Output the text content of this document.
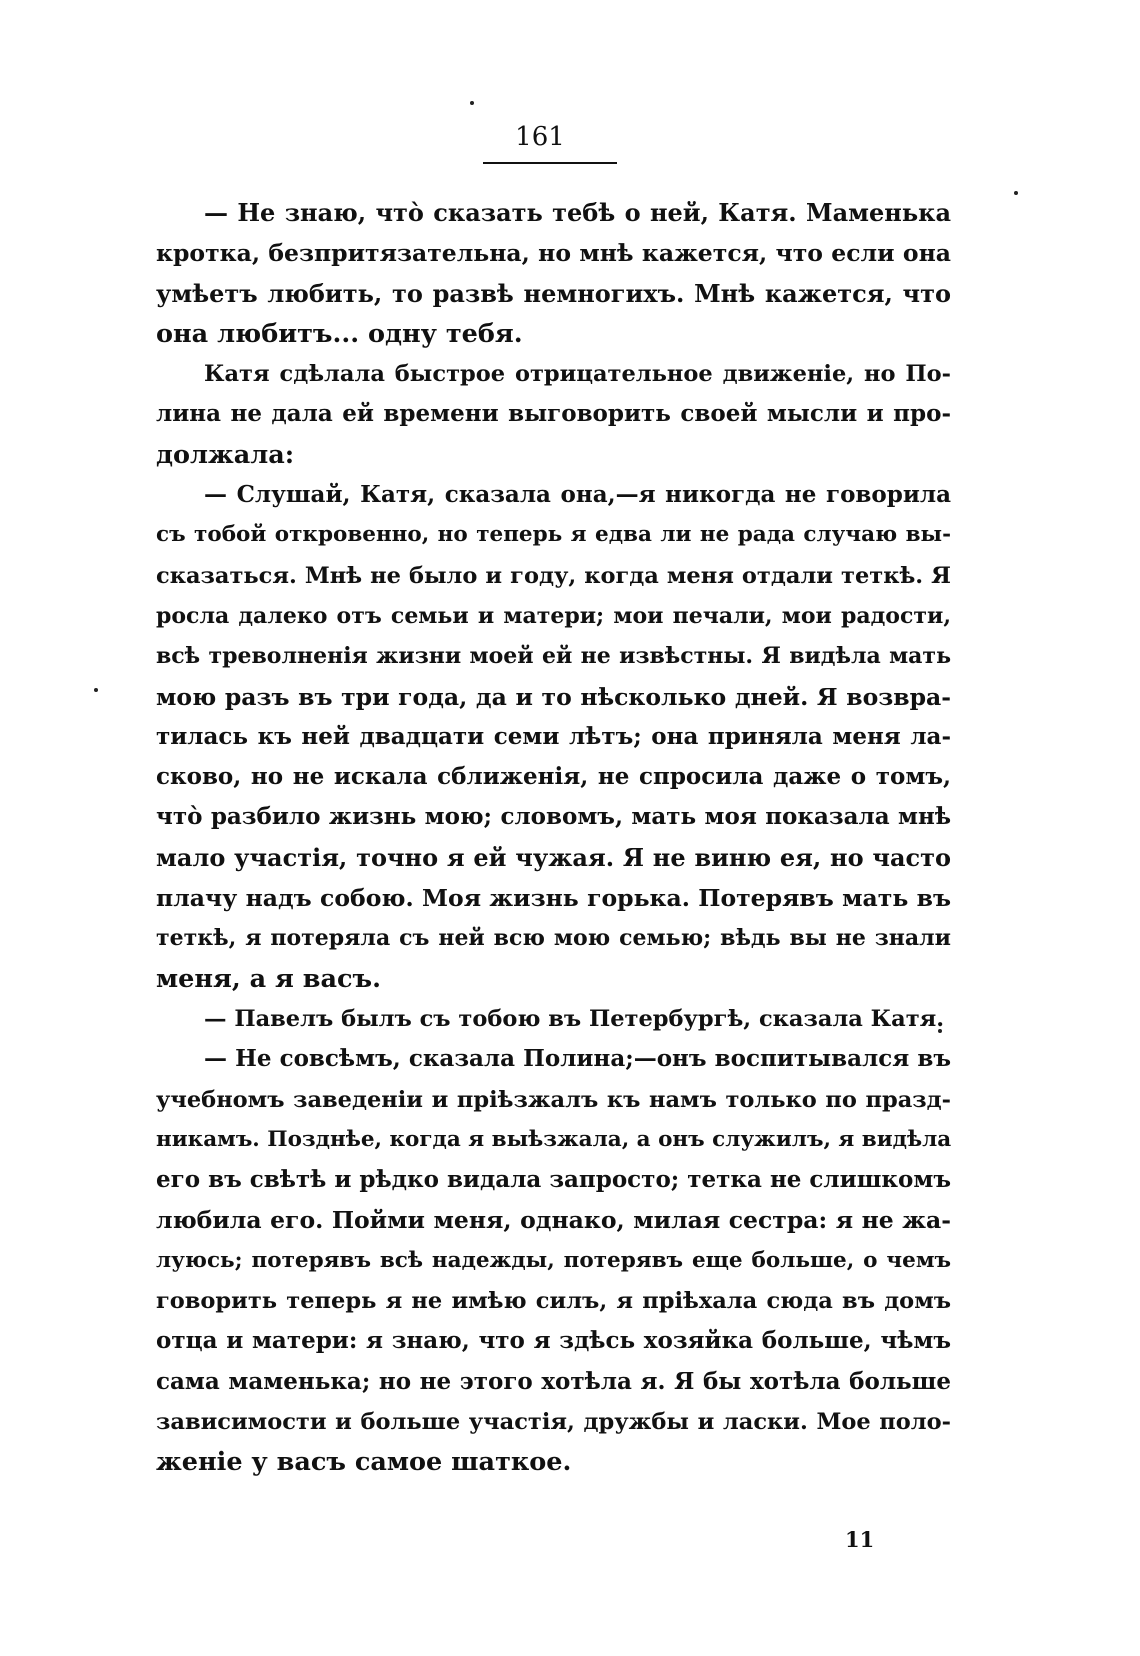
161
— Не знаю, чтò сказать тебѣ о ней, Катя. Маменька
кротка, безпритязательна, но мнѣ кажется, что если она
умѣетъ любить, то развѣ немногихъ. Мнѣ кажется, что
она любитъ... одну тебя.
Катя сдѣлала быстрое отрицательное движеніе, но По-
лина не дала ей времени выговорить своей мысли и про-
должала:
— Слушай, Катя, сказала она,—я никогда не говорила
съ тобой откровенно, но теперь я едва ли не рада случаю вы-
сказаться. Мнѣ не было и году, когда меня отдали теткѣ. Я
росла далеко отъ семьи и матери; мои печали, мои радости,
всѣ треволненія жизни моей ей не извѣстны. Я видѣла мать
мою разъ въ три года, да и то нѣсколько дней. Я возвра-
тилась къ ней двадцати семи лѣтъ; она приняла меня ла-
сково, но не искала сближенія, не спросила даже о томъ,
чтò разбило жизнь мою; словомъ, мать моя показала мнѣ
мало участія, точно я ей чужая. Я не виню ея, но часто
плачу надъ собою. Моя жизнь горька. Потерявъ мать въ
теткѣ, я потеряла съ ней всю мою семью; вѣдь вы не знали
меня, а я васъ.
— Павелъ былъ съ тобою въ Петербургѣ, сказала Катя.
— Не совсѣмъ, сказала Полина;—онъ воспитывался въ
учебномъ заведеніи и пріѣзжалъ къ намъ только по празд-
никамъ. Позднѣе, когда я выѣзжала, а онъ служилъ, я видѣла
его въ свѣтѣ и рѣдко видала запросто; тетка не слишкомъ
любила его. Пойми меня, однако, милая сестра: я не жа-
луюсь; потерявъ всѣ надежды, потерявъ еще больше, о чемъ
говорить теперь я не имѣю силъ, я пріѣхала сюда въ домъ
отца и матери: я знаю, что я здѣсь хозяйка больше, чѣмъ
сама маменька; но не этого хотѣла я. Я бы хотѣла больше
зависимости и больше участія, дружбы и ласки. Мое поло-
женіе у васъ самое шаткое.
11
